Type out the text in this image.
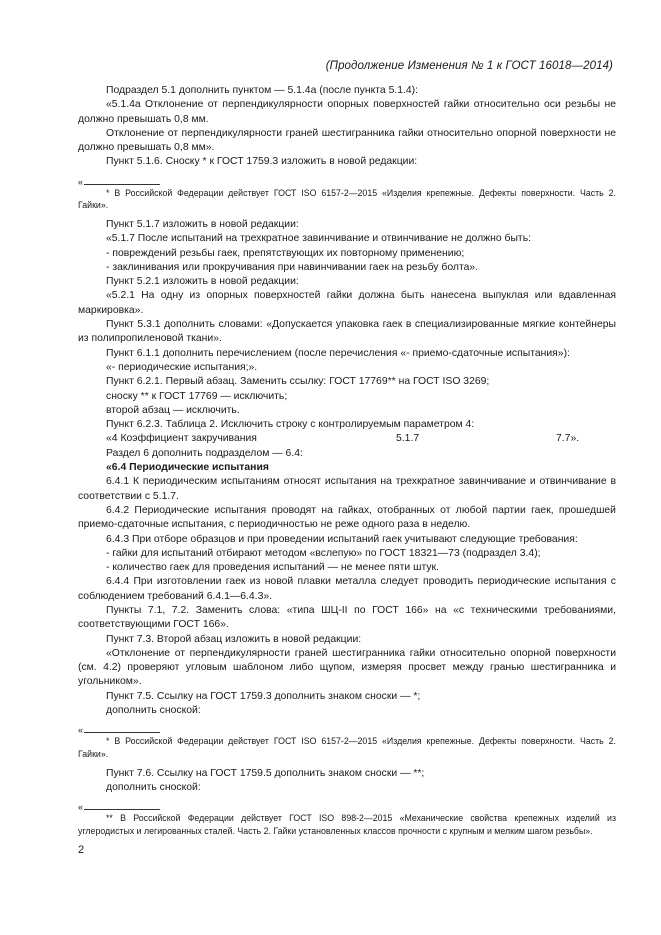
(Продолжение Изменения № 1 к ГОСТ 16018—2014)

Подраздел 5.1 дополнить пунктом — 5.1.4а (после пункта 5.1.4):

«5.1.4а Отклонение от перпендикулярности опорных поверхностей гайки относительно оси резьбы не должно превышать 0,8 мм.

Отклонение от перпендикулярности граней шестигранника гайки относительно опорной поверхности не должно превышать 0,8 мм».

Пункт 5.1.6. Сноску * к ГОСТ 1759.3 изложить в новой редакции:

«

* В Российской Федерации действует ГОСТ ISO 6157-2—2015 «Изделия крепежные. Дефекты поверхности. Часть 2. Гайки».

Пункт 5.1.7 изложить в новой редакции:

«5.1.7 После испытаний на трехкратное завинчивание и отвинчивание не должно быть:

- повреждений резьбы гаек, препятствующих их повторному применению;

- заклинивания или прокручивания при навинчивании гаек на резьбу болта».

Пункт 5.2.1 изложить в новой редакции:

«5.2.1 На одну из опорных поверхностей гайки должна быть нанесена выпуклая или вдавленная маркировка».

Пункт 5.3.1 дополнить словами: «Допускается упаковка гаек в специализированные мягкие контейнеры из полипропиленовой ткани».

Пункт 6.1.1 дополнить перечислением (после перечисления «- приемо-сдаточные испытания»):

«- периодические испытания;».

Пункт 6.2.1. Первый абзац. Заменить ссылку: ГОСТ 17769** на ГОСТ ISO 3269;

сноску ** к ГОСТ 17769 — исключить;

второй абзац — исключить.

Пункт 6.2.3. Таблица 2. Исключить строку с контролируемым параметром 4:

«4 Коэффициент закручивания	5.1.7	7.7».

Раздел 6 дополнить подразделом — 6.4:

«6.4 Периодические испытания

6.4.1 К периодическим испытаниям относят испытания на трехкратное завинчивание и отвинчивание в соответствии с 5.1.7.

6.4.2 Периодические испытания проводят на гайках, отобранных от любой партии гаек, прошедшей приемо-сдаточные испытания, с периодичностью не реже одного раза в неделю.

6.4.3 При отборе образцов и при проведении испытаний гаек учитывают следующие требования:

- гайки для испытаний отбирают методом «вслепую» по ГОСТ 18321—73 (подраздел 3.4);

- количество гаек для проведения испытаний — не менее пяти штук.

6.4.4 При изготовлении гаек из новой плавки металла следует проводить периодические испытания с соблюдением требований 6.4.1—6.4.3».

Пункты 7.1, 7.2. Заменить слова: «типа ШЦ-II по ГОСТ 166» на «с техническими требованиями, соответствующими ГОСТ 166».

Пункт 7.3. Второй абзац изложить в новой редакции:

«Отклонение от перпендикулярности граней шестигранника гайки относительно опорной поверхности (см. 4.2) проверяют угловым шаблоном либо щупом, измеряя просвет между гранью шестигранника и угольником».

Пункт 7.5. Ссылку на ГОСТ 1759.3 дополнить знаком сноски — *;

дополнить сноской:

«

* В Российской Федерации действует ГОСТ ISO 6157-2—2015 «Изделия крепежные. Дефекты поверхности. Часть 2. Гайки».

Пункт 7.6. Ссылку на ГОСТ 1759.5 дополнить знаком сноски — **;

дополнить сноской:

«

** В Российской Федерации действует ГОСТ ISO 898-2—2015 «Механические свойства крепежных изделий из углеродистых и легированных сталей. Часть 2. Гайки установленных классов прочности с крупным и мелким шагом резьбы».

2
